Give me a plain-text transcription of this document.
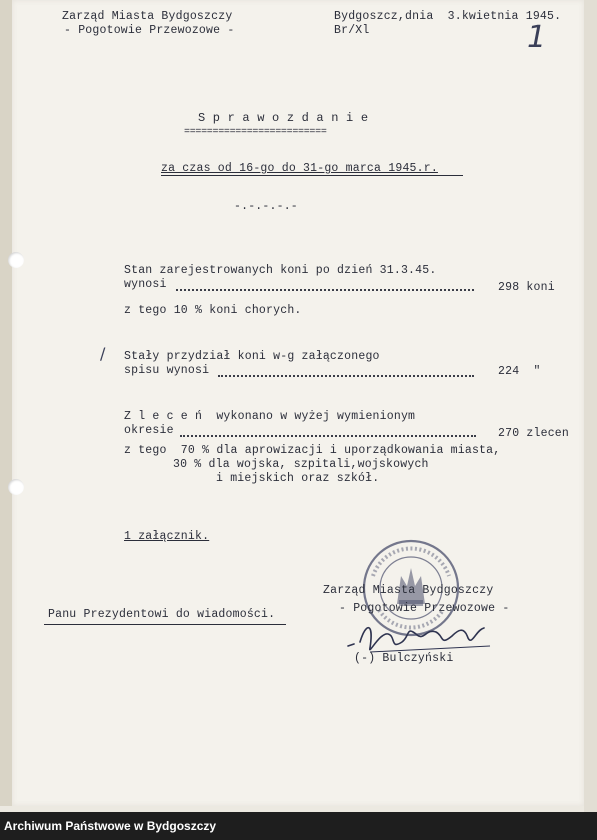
Zarząd Miasta Bydgoszczy
- Pogotowie Przewozowe -
Bydgoszcz,dnia  3.kwietnia 1945.
Br/Xl	1
S p r a w o z d a n i e
=========================
za czas od 16-go do 31-go marca 1945.r.
-.-.-.-.-
Stan zarejestrowanych koni po dzień 31.3.45.
wynosi	298 koni
z tego 10 % koni chorych.
/ Stały przydział koni w-g załączonego
spisu wynosi	224  "
Z l e c e ń  wykonano w wyżej wymienionym
okresie	270 zlecen
z tego  70 % dla aprowizacji i uporządkowania miasta,
30 % dla wojska, szpitali,wojskowych
i miejskich oraz szkół.
1 załącznik.
Panu Prezydentowi do wiadomości.
Zarząd Miasta Bydgoszczy
- Pogotowie Przewozowe -
(-) Bulczyński
Archiwum Państwowe w Bydgoszczy
